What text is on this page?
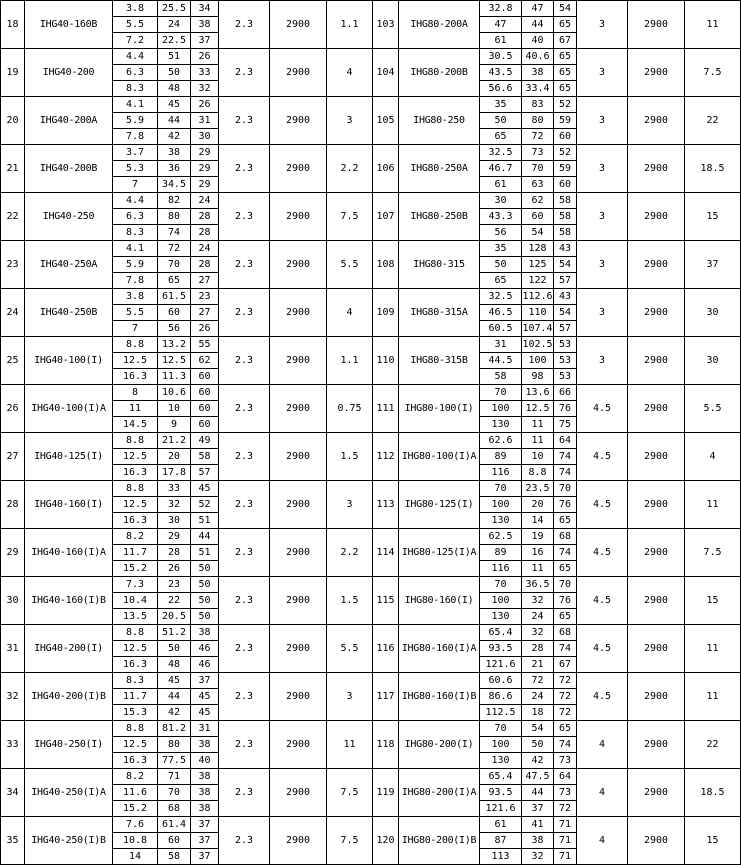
18	IHG40-160B	3.8	25.5	34	2.3	2900	1.1	103	IHG80-200A	32.8	47	54	3	2900	11
		5.5	24	38						47	44	65			
		7.2	22.5	37						61	40	67			
19	IHG40-200	4.4	51	26	2.3	2900	4	104	IHG80-200B	30.5	40.6	65	3	2900	7.5
		6.3	50	33						43.5	38	65			
		8.3	48	32						56.6	33.4	65			
20	IHG40-200A	4.1	45	26	2.3	2900	3	105	IHG80-250	35	83	52	3	2900	22
		5.9	44	31						50	80	59			
		7.8	42	30						65	72	60			
21	IHG40-200B	3.7	38	29	2.3	2900	2.2	106	IHG80-250A	32.5	73	52	3	2900	18.5
		5.3	36	29						46.7	70	59			
		7	34.5	29						61	63	60			
22	IHG40-250	4.4	82	24	2.3	2900	7.5	107	IHG80-250B	30	62	58	3	2900	15
		6.3	80	28						43.3	60	58			
		8.3	74	28						56	54	58			
23	IHG40-250A	4.1	72	24	2.3	2900	5.5	108	IHG80-315	35	128	43	3	2900	37
		5.9	70	28						50	125	54			
		7.8	65	27						65	122	57			
24	IHG40-250B	3.8	61.5	23	2.3	2900	4	109	IHG80-315A	32.5	112.6	43	3	2900	30
		5.5	60	27						46.5	110	54			
		7	56	26						60.5	107.4	57			
25	IHG40-100(I)	8.8	13.2	55	2.3	2900	1.1	110	IHG80-315B	31	102.5	53	3	2900	30
		12.5	12.5	62						44.5	100	53			
		16.3	11.3	60						58	98	53			
26	IHG40-100(I)A	8	10.6	60	2.3	2900	0.75	111	IHG80-100(I)	70	13.6	66	4.5	2900	5.5
		11	10	60						100	12.5	76			
		14.5	9	60						130	11	75			
27	IHG40-125(I)	8.8	21.2	49	2.3	2900	1.5	112	IHG80-100(I)A	62.6	11	64	4.5	2900	4
		12.5	20	58						89	10	74			
		16.3	17.8	57						116	8.8	74			
28	IHG40-160(I)	8.8	33	45	2.3	2900	3	113	IHG80-125(I)	70	23.5	70	4.5	2900	11
		12.5	32	52						100	20	76			
		16.3	30	51						130	14	65			
29	IHG40-160(I)A	8.2	29	44	2.3	2900	2.2	114	IHG80-125(I)A	62.5	19	68	4.5	2900	7.5
		11.7	28	51						89	16	74			
		15.2	26	50						116	11	65			
30	IHG40-160(I)B	7.3	23	50	2.3	2900	1.5	115	IHG80-160(I)	70	36.5	70	4.5	2900	15
		10.4	22	50						100	32	76			
		13.5	20.5	50						130	24	65			
31	IHG40-200(I)	8.8	51.2	38	2.3	2900	5.5	116	IHG80-160(I)A	65.4	32	68	4.5	2900	11
		12.5	50	46						93.5	28	74			
		16.3	48	46						121.6	21	67			
32	IHG40-200(I)B	8.3	45	37	2.3	2900	3	117	IHG80-160(I)B	60.6	72	72	4.5	2900	11
		11.7	44	45						86.6	24	72			
		15.3	42	45						112.5	18	72			
33	IHG40-250(I)	8.8	81.2	31	2.3	2900	11	118	IHG80-200(I)	70	54	65	4	2900	22
		12.5	80	38						100	50	74			
		16.3	77.5	40						130	42	73			
34	IHG40-250(I)A	8.2	71	38	2.3	2900	7.5	119	IHG80-200(I)A	65.4	47.5	64	4	2900	18.5
		11.6	70	38						93.5	44	73			
		15.2	68	38						121.6	37	72			
35	IHG40-250(I)B	7.6	61.4	37	2.3	2900	7.5	120	IHG80-200(I)B	61	41	71	4	2900	15
		10.8	60	37						87	38	71			
		14	58	37						113	32	71			
